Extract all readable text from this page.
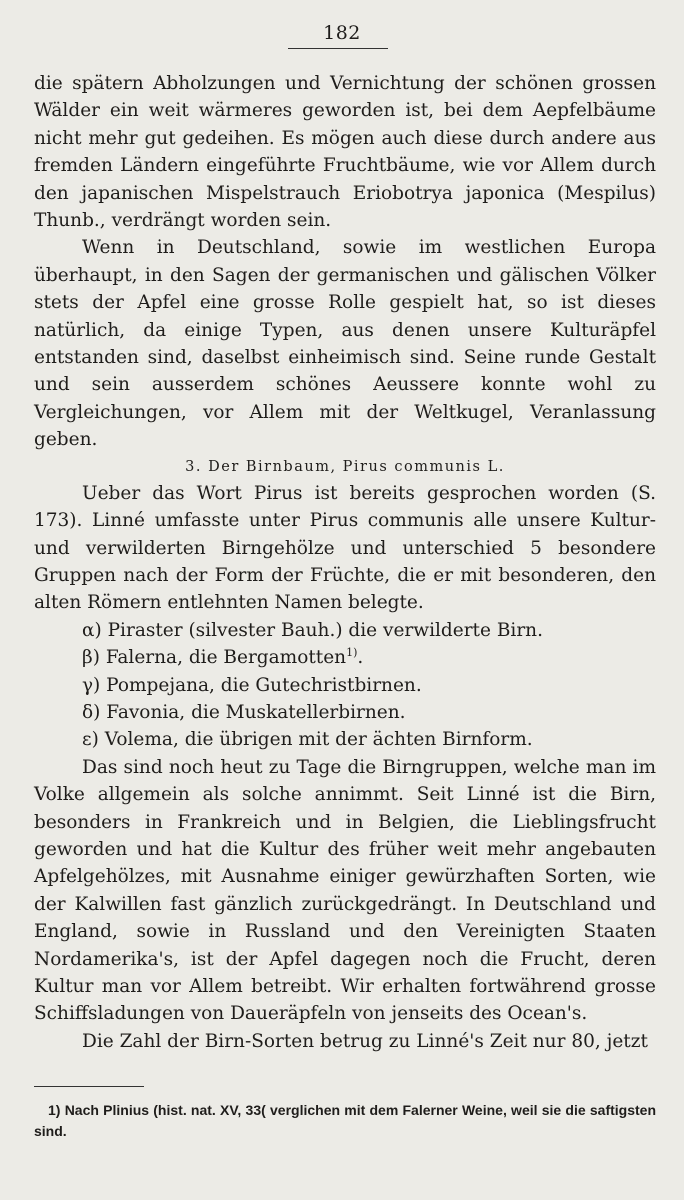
182

die spätern Abholzungen und Vernichtung der schönen grossen Wälder ein weit wärmeres geworden ist, bei dem Aepfelbäume nicht mehr gut gedeihen. Es mögen auch diese durch andere aus fremden Ländern eingeführte Fruchtbäume, wie vor Allem durch den japanischen Mispelstrauch Eriobotrya japonica (Mespilus) Thunb., verdrängt worden sein.

Wenn in Deutschland, sowie im westlichen Europa überhaupt, in den Sagen der germanischen und gälischen Völker stets der Apfel eine grosse Rolle gespielt hat, so ist dieses natürlich, da einige Typen, aus denen unsere Kulturäpfel entstanden sind, daselbst einheimisch sind. Seine runde Gestalt und sein ausserdem schönes Aeussere konnte wohl zu Vergleichungen, vor Allem mit der Weltkugel, Veranlassung geben.

3. Der Birnbaum, Pirus communis L.

Ueber das Wort Pirus ist bereits gesprochen worden (S. 173). Linné umfasste unter Pirus communis alle unsere Kultur- und verwilderten Birngehölze und unterschied 5 besondere Gruppen nach der Form der Früchte, die er mit besonderen, den alten Römern entlehnten Namen belegte.

α) Piraster (silvester Bauh.) die verwilderte Birn.
β) Falerna, die Bergamotten$^{1)}$.
γ) Pompejana, die Gutechristbirnen.
δ) Favonia, die Muskatellerbirnen.
ε) Volema, die übrigen mit der ächten Birnform.

Das sind noch heut zu Tage die Birngruppen, welche man im Volke allgemein als solche annimmt. Seit Linné ist die Birn, besonders in Frankreich und in Belgien, die Lieblingsfrucht geworden und hat die Kultur des früher weit mehr angebauten Apfelgehölzes, mit Ausnahme einiger gewürzhaften Sorten, wie der Kalwillen fast gänzlich zurückgedrängt. In Deutschland und England, sowie in Russland und den Vereinigten Staaten Nordamerika's, ist der Apfel dagegen noch die Frucht, deren Kultur man vor Allem betreibt. Wir erhalten fortwährend grosse Schiffsladungen von Daueräpfeln von jenseits des Ocean's.

Die Zahl der Birn-Sorten betrug zu Linné's Zeit nur 80, jetzt

1) Nach Plinius (hist. nat. XV, 33( verglichen mit dem Falerner Weine, weil sie die saftigsten sind.
